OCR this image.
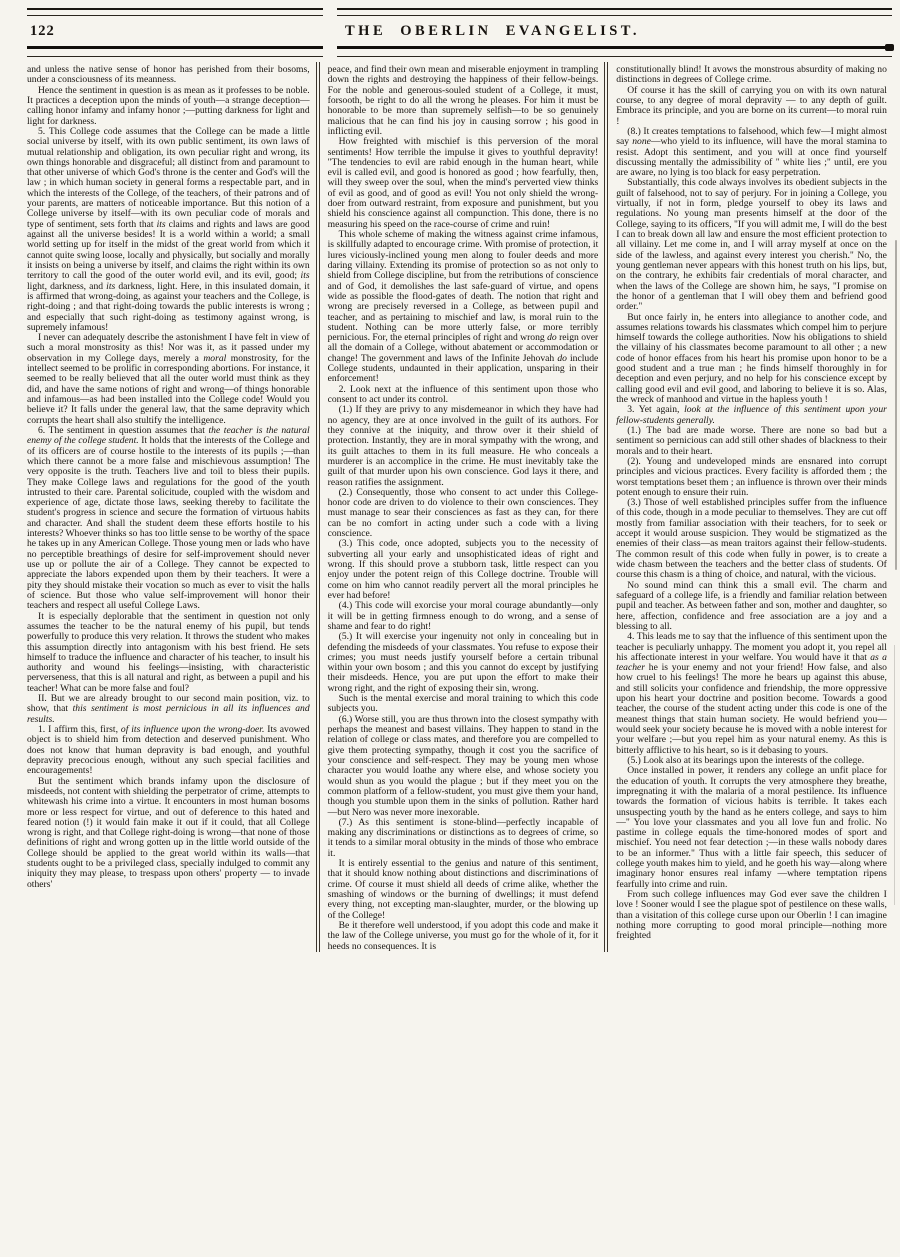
122	THE OBERLIN EVANGELIST.
and unless the native sense of honor has perished from their bosoms, under a consciousness of its meanness.
Hence the sentiment in question is as mean as it professes to be noble. It practices a deception upon the minds of youth—a strange deception—calling honor infamy and infamy honor ;—putting darkness for light and light for darkness.
5. This College code assumes that the College can be made a little social universe by itself, with its own public sentiment, its own laws of mutual relationship and obligation, its own peculiar right and wrong, its own things honorable and disgraceful; all distinct from and paramount to that other universe of which God's throne is the center and God's will the law ; in which human society in general forms a respectable part, and in which the interests of the College, of the teachers, of their patrons and of your parents, are matters of noticeable importance. But this notion of a College universe by itself—with its own peculiar code of morals and type of sentiment, sets forth that its claims and rights and laws are good against all the universe besides! It is a world within a world; a small world setting up for itself in the midst of the great world from which it cannot quite swing loose, locally and physically, but socially and morally it insists on being a universe by itself, and claims the right within its own territory to call the good of the outer world evil, and its evil, good; its light, darkness, and its darkness, light. Here, in this insulated domain, it is affirmed that wrong-doing, as against your teachers and the College, is right-doing ; and that right-doing towards the public interests is wrong ; and especially that such right-doing as testimony against wrong, is supremely infamous!
I never can adequately describe the astonishment I have felt in view of such a moral monstrosity as this! Nor was it, as it passed under my observation in my College days, merely a moral monstrosity, for the intellect seemed to be prolific in corresponding abortions. For instance, it seemed to be really believed that all the outer world must think as they did, and have the same notions of right and wrong—of things honorable and infamous—as had been installed into the College code! Would you believe it? It falls under the general law, that the same depravity which corrupts the heart shall also stultify the intelligence.
6. The sentiment in question assumes that the teacher is the natural enemy of the college student. It holds that the interests of the College and of its officers are of course hostile to the interests of its pupils ;—than which there cannot be a more false and mischievous assumption! The very opposite is the truth. Teachers live and toil to bless their pupils. They make College laws and regulations for the good of the youth intrusted to their care. Parental solicitude, coupled with the wisdom and experience of age, dictate those laws, seeking thereby to facilitate the student's progress in science and secure the formation of virtuous habits and character. And shall the student deem these efforts hostile to his interests? Whoever thinks so has too little sense to be worthy of the space he takes up in any American College. Those young men or lads who have no perceptible breathings of desire for self-improvement should never use up or pollute the air of a College. They cannot be expected to appreciate the labors expended upon them by their teachers. It were a pity they should mistake their vocation so much as ever to visit the halls of science. But those who value self-improvement will honor their teachers and respect all useful College Laws.
It is especially deplorable that the sentiment in question not only assumes the teacher to be the natural enemy of his pupil, but tends powerfully to produce this very relation. It throws the student who makes this assumption directly into antagonism with his best friend. He sets himself to traduce the influence and character of his teacher, to insult his authority and wound his feelings—insisting, with characteristic perverseness, that this is all natural and right, as between a pupil and his teacher! What can be more false and foul?
II. But we are already brought to our second main position, viz. to show, that this sentiment is most pernicious in all its influences and results.
1. I affirm this, first, of its influence upon the wrong-doer. Its avowed object is to shield him from detection and deserved punishment. Who does not know that human depravity is bad enough, and youthful depravity precocious enough, without any such special facilities and encouragements!
But the sentiment which brands infamy upon the disclosure of misdeeds, not content with shielding the perpetrator of crime, attempts to whitewash his crime into a virtue. It encounters in most human bosoms more or less respect for virtue, and out of deference to this hated and feared notion (!) it would fain make it out if it could, that all College wrong is right, and that College right-doing is wrong—that none of those definitions of right and wrong gotten up in the little world outside of the College should be applied to the great world within its walls—that students ought to be a privileged class, specially indulged to commit any iniquity they may please, to trespass upon others' property — to invade others'
peace, and find their own mean and miserable enjoyment in trampling down the rights and destroying the happiness of their fellow-beings. For the noble and generous-souled student of a College, it must, forsooth, be right to do all the wrong he pleases. For him it must be honorable to be more than supremely selfish—to be so genuinely malicious that he can find his joy in causing sorrow ; his good in inflicting evil.
How freighted with mischief is this perversion of the moral sentiments! How terrible the impulse it gives to youthful depravity! "The tendencies to evil are rabid enough in the human heart, while evil is called evil, and good is honored as good ; how fearfully, then, will they sweep over the soul, when the mind's perverted view thinks of evil as good, and of good as evil! You not only shield the wrong-doer from outward restraint, from exposure and punishment, but you shield his conscience against all compunction. This done, there is no measuring his speed on the race-course of crime and ruin!
This whole scheme of making the witness against crime infamous, is skillfully adapted to encourage crime. With promise of protection, it lures viciously-inclined young men along to fouler deeds and more daring villainy. Extending its promise of protection so as not only to shield from College discipline, but from the retributions of conscience and of God, it demolishes the last safe-guard of virtue, and opens wide as possible the flood-gates of death. The notion that right and wrong are precisely reversed in a College, as between pupil and teacher, and as pertaining to mischief and law, is moral ruin to the student. Nothing can be more utterly false, or more terribly pernicious. For, the eternal principles of right and wrong do reign over all the domain of a College, without abatement or accommodation or change! The government and laws of the Infinite Jehovah do include College students, undaunted in their application, unsparing in their enforcement!
2. Look next at the influence of this sentiment upon those who consent to act under its control.
(1.) If they are privy to any misdemeanor in which they have had no agency, they are at once involved in the guilt of its authors. For they connive at the iniquity, and throw over it their shield of protection. Instantly, they are in moral sympathy with the wrong, and its guilt attaches to them in its full measure. He who conceals a murderer is an accomplice in the crime. He must inevitably take the guilt of that murder upon his own conscience. God lays it there, and reason ratifies the assignment.
(2.) Consequently, those who consent to act under this College-honor code are driven to do violence to their own consciences. They must manage to sear their consciences as fast as they can, for there can be no comfort in acting under such a code with a living conscience.
(3.) This code, once adopted, subjects you to the necessity of subverting all your early and unsophisticated ideas of right and wrong. If this should prove a stubborn task, little respect can you enjoy under the potent reign of this College doctrine. Trouble will come on him who cannot readily pervert all the moral principles he ever had before!
(4.) This code will exorcise your moral courage abundantly—only it will be in getting firmness enough to do wrong, and a sense of shame and fear to do right!
(5.) It will exercise your ingenuity not only in concealing but in defending the misdeeds of your classmates. You refuse to expose their crimes; you must needs justify yourself before a certain tribunal within your own bosom ; and this you cannot do except by justifying their misdeeds. Hence, you are put upon the effort to make their wrong right, and the right of exposing their sin, wrong.
Such is the mental exercise and moral training to which this code subjects you.
(6.) Worse still, you are thus thrown into the closest sympathy with perhaps the meanest and basest villains. They happen to stand in the relation of college or class mates, and therefore you are compelled to give them protecting sympathy, though it cost you the sacrifice of your conscience and self-respect. They may be young men whose character you would loathe any where else, and whose society you would shun as you would the plague ; but if they meet you on the common platform of a fellow-student, you must give them your hand, though you stumble upon them in the sinks of pollution. Rather hard—but Nero was never more inexorable.
(7.) As this sentiment is stone-blind—perfectly incapable of making any discriminations or distinctions as to degrees of crime, so it tends to a similar moral obtusity in the minds of those who embrace it.
It is entirely essential to the genius and nature of this sentiment, that it should know nothing about distinctions and discriminations of crime. Of course it must shield all deeds of crime alike, whether the smashing of windows or the burning of dwellings; it must defend every thing, not excepting man-slaughter, murder, or the blowing up of the College!
Be it therefore well understood, if you adopt this code and make it the law of the College universe, you must go for the whole of it, for it heeds no consequences. It is
constitutionally blind! It avows the monstrous absurdity of making no distinctions in degrees of College crime.
Of course it has the skill of carrying you on with its own natural course, to any degree of moral depravity — to any depth of guilt. Embrace its principle, and you are borne on its current—to moral ruin !
(8.) It creates temptations to falsehood, which few—I might almost say none—who yield to its influence, will have the moral stamina to resist. Adopt this sentiment, and you will at once find yourself discussing mentally the admissibility of " white lies ;" until, ere you are aware, no lying is too black for easy perpetration.
Substantially, this code always involves its obedient subjects in the guilt of falsehood, not to say of perjury. For in joining a College, you virtually, if not in form, pledge yourself to obey its laws and regulations. No young man presents himself at the door of the College, saying to its officers, "If you will admit me, I will do the best I can to break down all law and ensure the most efficient protection to all villainy. Let me come in, and I will array myself at once on the side of the lawless, and against every interest you cherish." No, the young gentleman never appears with this honest truth on his lips, but, on the contrary, he exhibits fair credentials of moral character, and when the laws of the College are shown him, he says, "I promise on the honor of a gentleman that I will obey them and befriend good order."
But once fairly in, he enters into allegiance to another code, and assumes relations towards his classmates which compel him to perjure himself towards the college authorities. Now his obligations to shield the villainy of his classmates become paramount to all other ; a new code of honor effaces from his heart his promise upon honor to be a good student and a true man ; he finds himself thoroughly in for deception and even perjury, and no help for his conscience except by calling good evil and evil good, and laboring to believe it is so. Alas, the wreck of manhood and virtue in the hapless youth !
3. Yet again, look at the influence of this sentiment upon your fellow-students generally.
(1.) The bad are made worse. There are none so bad but a sentiment so pernicious can add still other shades of blackness to their morals and to their heart.
(2). Young and undeveloped minds are ensnared into corrupt principles and vicious practices. Every facility is afforded them ; the worst temptations beset them ; an influence is thrown over their minds potent enough to ensure their ruin.
(3.) Those of well established principles suffer from the influence of this code, though in a mode peculiar to themselves. They are cut off mostly from familiar association with their teachers, for to seek or accept it would arouse suspicion. They would be stigmatized as the enemies of their class—as mean traitors against their fellow-students. The common result of this code when fully in power, is to create a wide chasm between the teachers and the better class of students. Of course this chasm is a thing of choice, and natural, with the vicious.
No sound mind can think this a small evil. The charm and safeguard of a college life, is a friendly and familiar relation between pupil and teacher. As between father and son, mother and daughter, so here, affection, confidence and free association are a joy and a blessing to all.
4. This leads me to say that the influence of this sentiment upon the teacher is peculiarly unhappy. The moment you adopt it, you repel all his affectionate interest in your welfare. You would have it that as a teacher he is your enemy and not your friend! How false, and also how cruel to his feelings! The more he bears up against this abuse, and still solicits your confidence and friendship, the more oppressive upon his heart your doctrine and position become. Towards a good teacher, the course of the student acting under this code is one of the meanest things that stain human society. He would befriend you—would seek your society because he is moved with a noble interest for your welfare ;—but you repel him as your natural enemy. As this is bitterly afflictive to his heart, so is it debasing to yours.
(5.) Look also at its bearings upon the interests of the college.
Once installed in power, it renders any college an unfit place for the education of youth. It corrupts the very atmosphere they breathe, impregnating it with the malaria of a moral pestilence. Its influence towards the formation of vicious habits is terrible. It takes each unsuspecting youth by the hand as he enters college, and says to him—" You love your classmates and you all love fun and frolic. No pastime in college equals the time-honored modes of sport and mischief. You need not fear detection ;—in these walls nobody dares to be an informer." Thus with a little fair speech, this seducer of college youth makes him to yield, and he goeth his way—along where imaginary honor ensures real infamy —where temptation ripens fearfully into crime and ruin.
From such college influences may God ever save the children I love ! Sooner would I see the plague spot of pestilence on these walls, than a visitation of this college curse upon our Oberlin ! I can imagine nothing more corrupting to good moral principle—nothing more freighted
